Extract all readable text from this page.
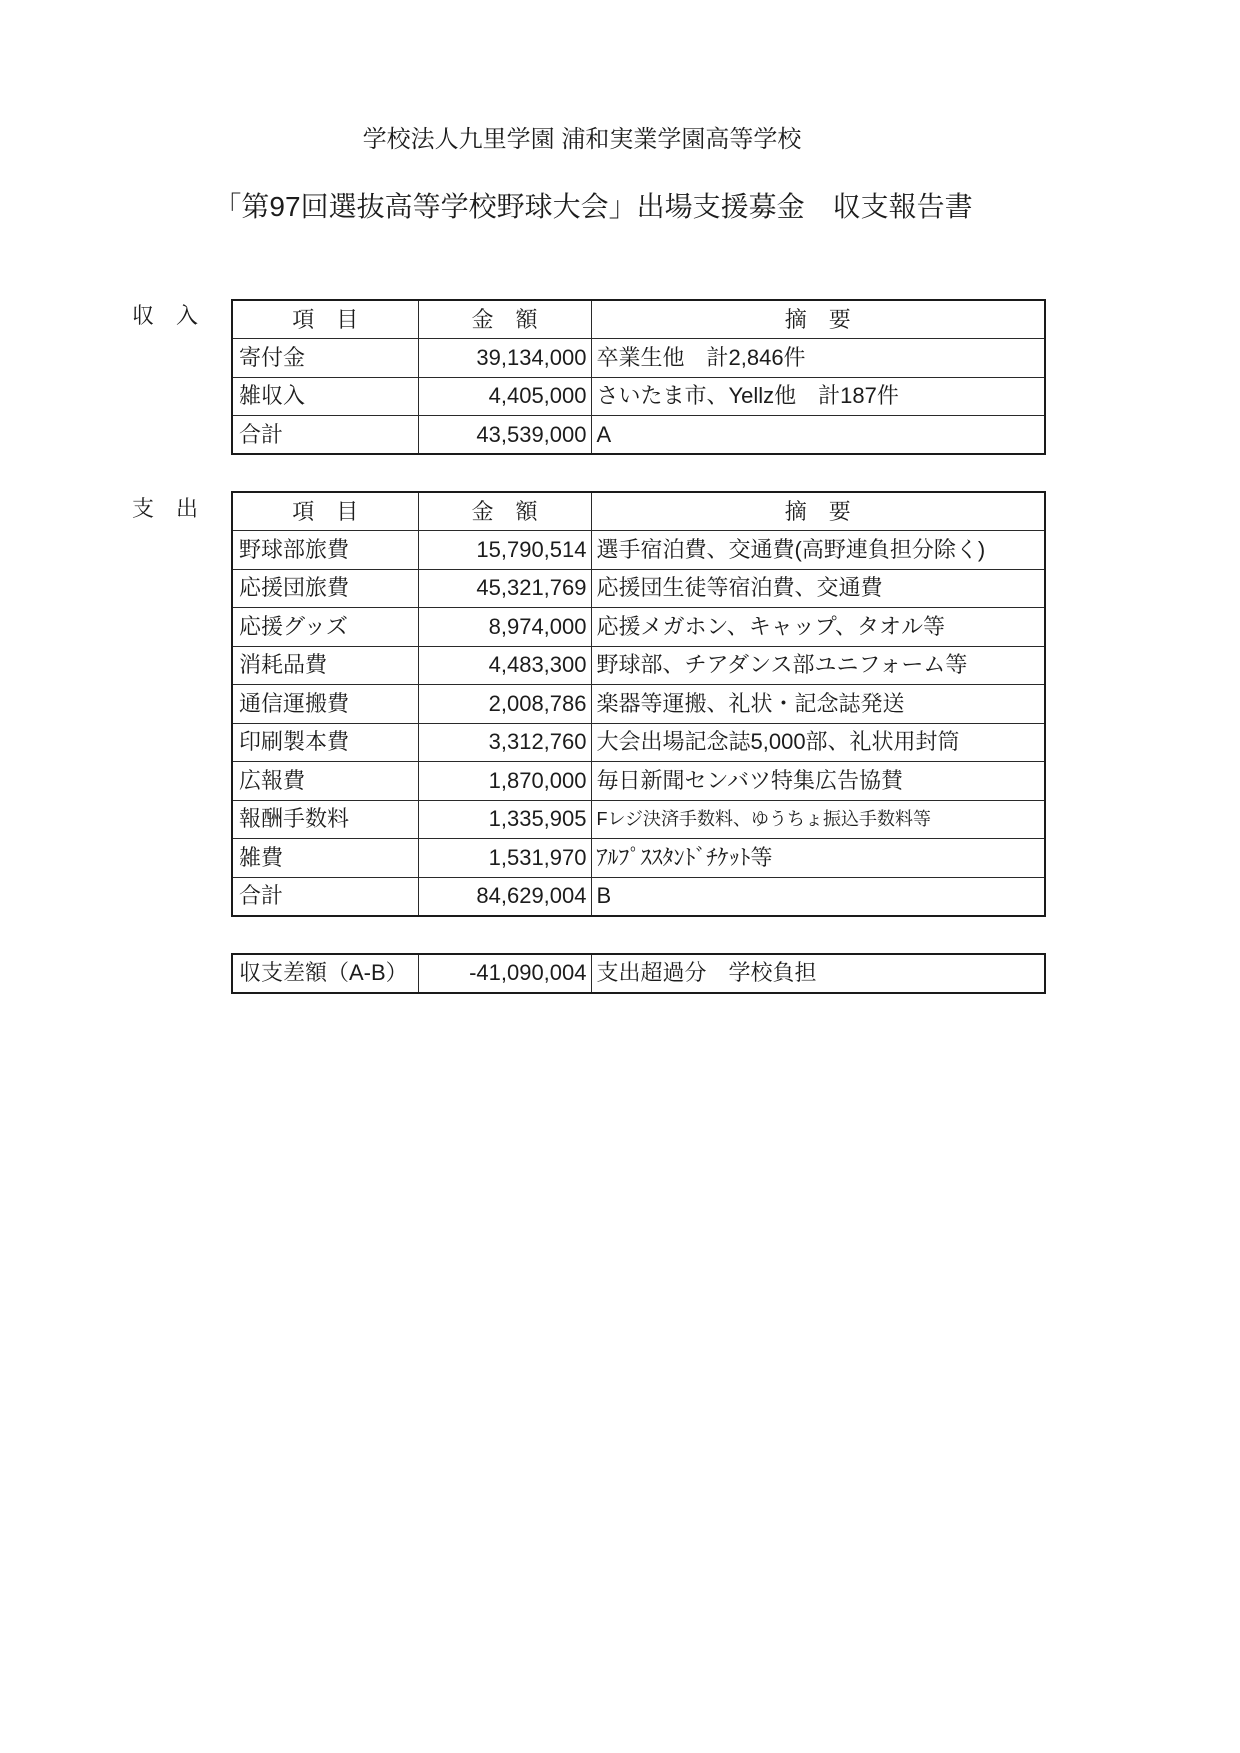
学校法人九里学園 浦和実業学園高等学校
「第97回選抜高等学校野球大会」出場支援募金　収支報告書
収　入	項　目	金　額	摘　要
寄付金	39,134,000	卒業生他　計2,846件
雑収入	4,405,000	さいたま市、Yellz他　計187件
合計	43,539,000	A
支　出	項　目	金　額	摘　要
野球部旅費	15,790,514	選手宿泊費、交通費(高野連負担分除く)
応援団旅費	45,321,769	応援団生徒等宿泊費、交通費
応援グッズ	8,974,000	応援メガホン、キャップ、タオル等
消耗品費	4,483,300	野球部、チアダンス部ユニフォーム等
通信運搬費	2,008,786	楽器等運搬、礼状・記念誌発送
印刷製本費	3,312,760	大会出場記念誌5,000部、礼状用封筒
広報費	1,870,000	毎日新聞センバツ特集広告協賛
報酬手数料	1,335,905	Fレジ決済手数料、ゆうちょ振込手数料等
雑費	1,531,970	ｱﾙﾌﾟｽｽﾀﾝﾄﾞﾁｹｯﾄ等
合計	84,629,004	B
収支差額（A-B）	-41,090,004	支出超過分　学校負担
